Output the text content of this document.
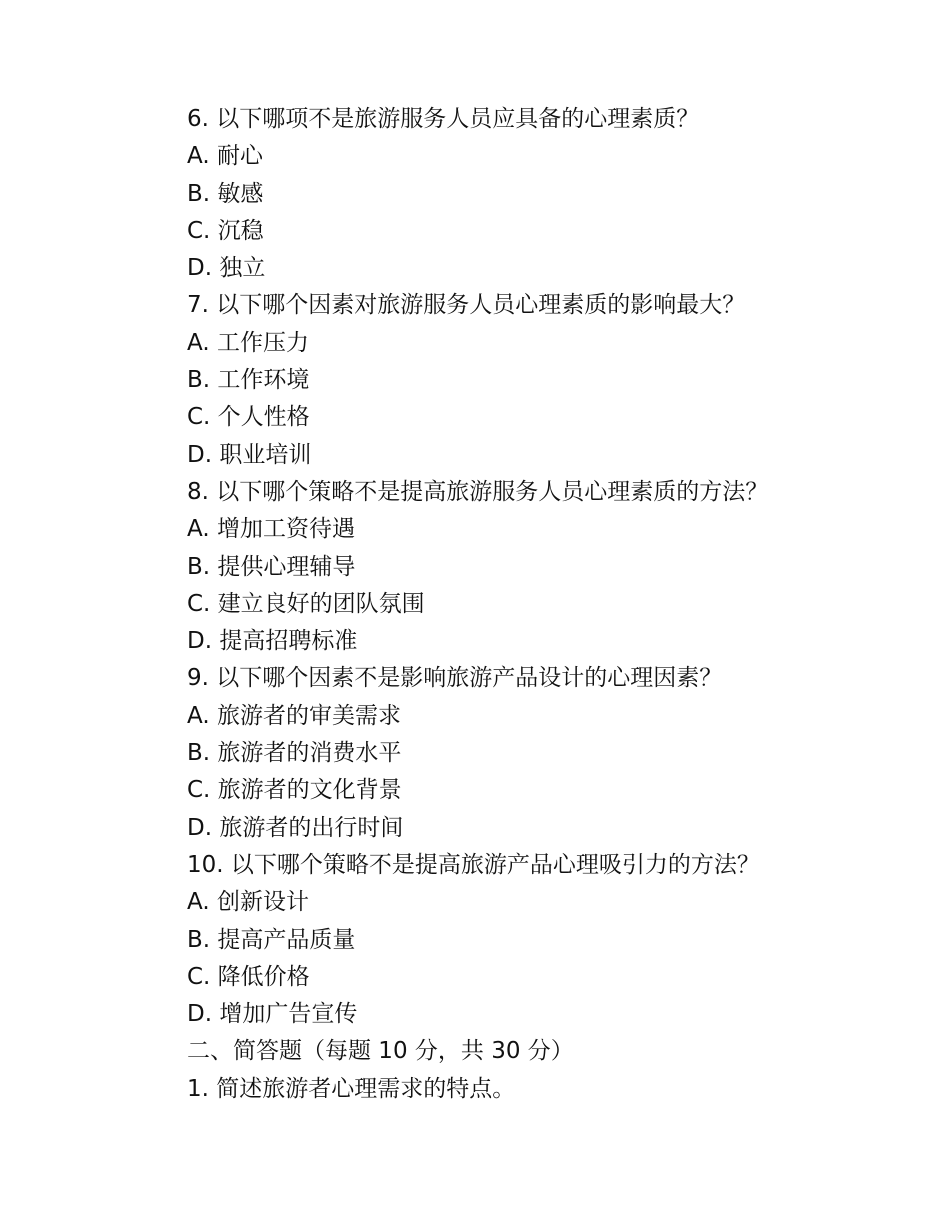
6. 以下哪项不是旅游服务人员应具备的心理素质？
A. 耐心
B. 敏感
C. 沉稳
D. 独立
7. 以下哪个因素对旅游服务人员心理素质的影响最大？
A. 工作压力
B. 工作环境
C. 个人性格
D. 职业培训
8. 以下哪个策略不是提高旅游服务人员心理素质的方法？
A. 增加工资待遇
B. 提供心理辅导
C. 建立良好的团队氛围
D. 提高招聘标准
9. 以下哪个因素不是影响旅游产品设计的心理因素？
A. 旅游者的审美需求
B. 旅游者的消费水平
C. 旅游者的文化背景
D. 旅游者的出行时间
10. 以下哪个策略不是提高旅游产品心理吸引力的方法？
A. 创新设计
B. 提高产品质量
C. 降低价格
D. 增加广告宣传
二、简答题（每题 10 分，共 30 分）
1. 简述旅游者心理需求的特点。
